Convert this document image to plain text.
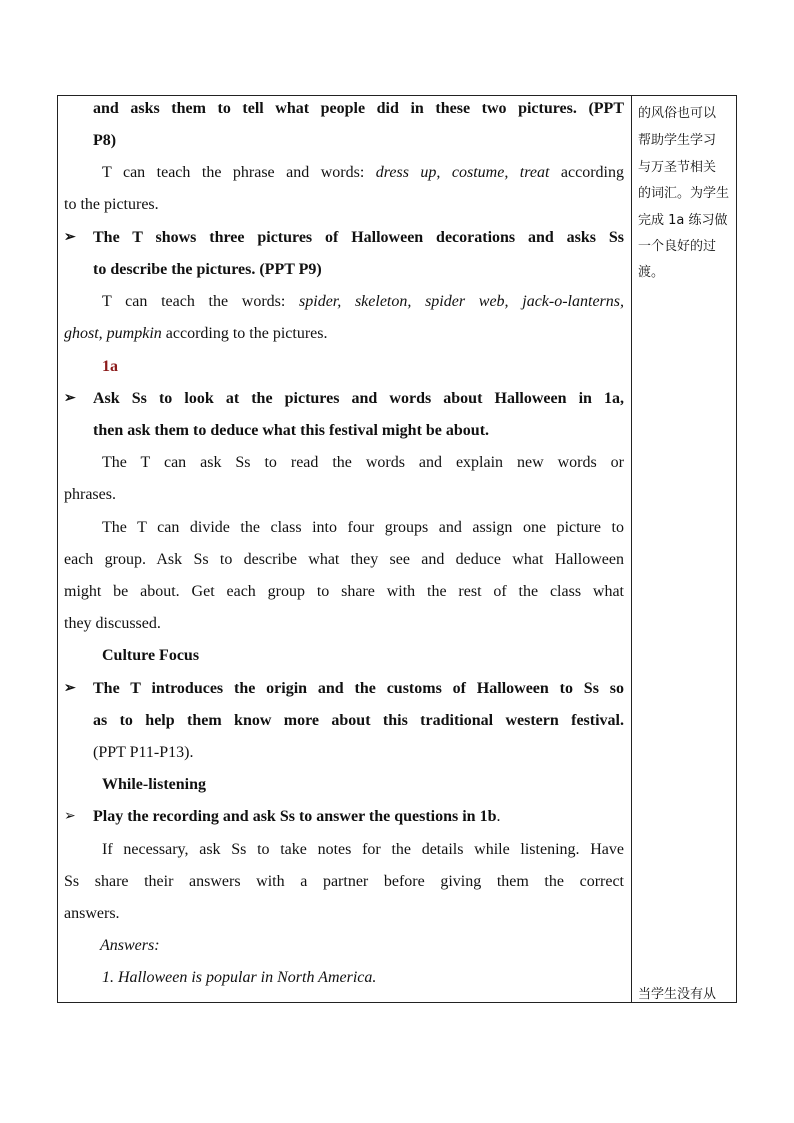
and asks them to tell what people did in these two pictures. (PPT
P8)
T can teach the phrase and words: dress up, costume, treat according
to the pictures.
➢	The T shows three pictures of Halloween decorations and asks Ss
to describe the pictures. (PPT P9)
T can teach the words: spider, skeleton, spider web, jack-o-lanterns,
ghost, pumpkin according to the pictures.
1a
➢	Ask Ss to look at the pictures and words about Halloween in 1a,
then ask them to deduce what this festival might be about.
The T can ask Ss to read the words and explain new words or
phrases.
The T can divide the class into four groups and assign one picture to
each group. Ask Ss to describe what they see and deduce what Halloween
might be about. Get each group to share with the rest of the class what
they discussed.
Culture Focus
➢	The T introduces the origin and the customs of Halloween to Ss so
as to help them know more about this traditional western festival.
(PPT P11-P13).
While-listening
➢	Play the recording and ask Ss to answer the questions in 1b.
If necessary, ask Ss to take notes for the details while listening. Have
Ss share their answers with a partner before giving them the correct
answers.
Answers:
1. Halloween is popular in North America.
的风俗也可以
帮助学生学习
与万圣节相关
的词汇。为学生
完成 1a 练习做
一个良好的过
渡。
当学生没有从
